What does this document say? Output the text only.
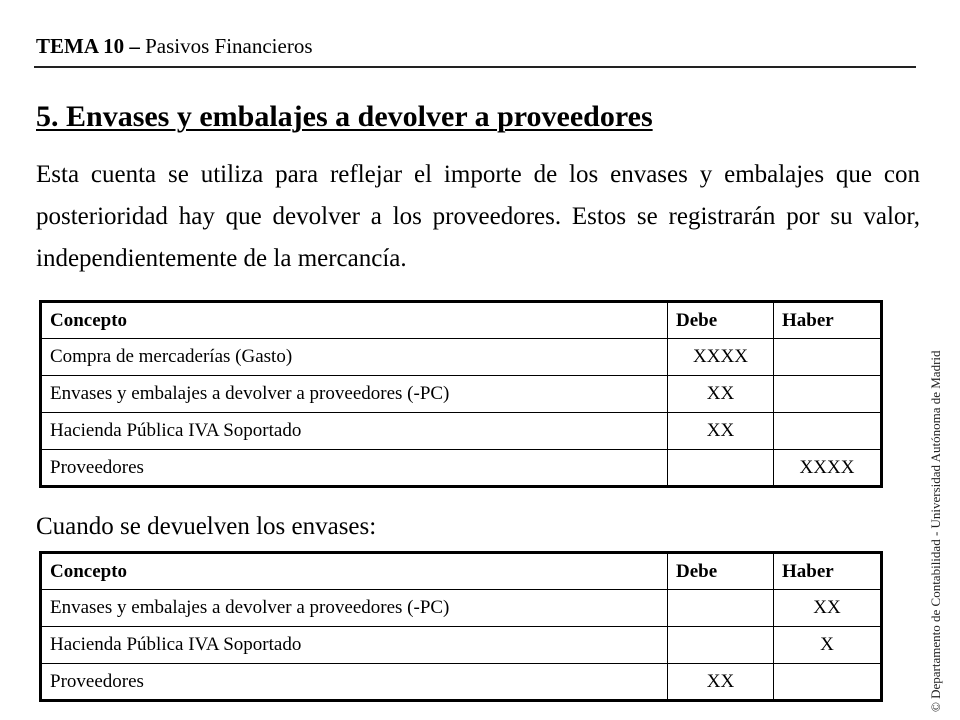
TEMA 10 – Pasivos Financieros
5. Envases y embalajes a devolver a proveedores

Esta cuenta se utiliza para reflejar el importe de los envases y embalajes que con posterioridad hay que devolver a los proveedores. Estos se registrarán por su valor, independientemente de la mercancía.

Concepto	Debe	Haber
Compra de mercaderías (Gasto)	XXXX	
Envases y embalajes a devolver a proveedores (-PC)	XX	
Hacienda Pública IVA Soportado	XX	
Proveedores		XXXX

Cuando se devuelven los envases:

Concepto	Debe	Haber
Envases y embalajes a devolver a proveedores (-PC)		XX
Hacienda Pública IVA Soportado		X
Proveedores	XX		© Departamento de Contabilidad - Universidad Autónoma de Madrid
